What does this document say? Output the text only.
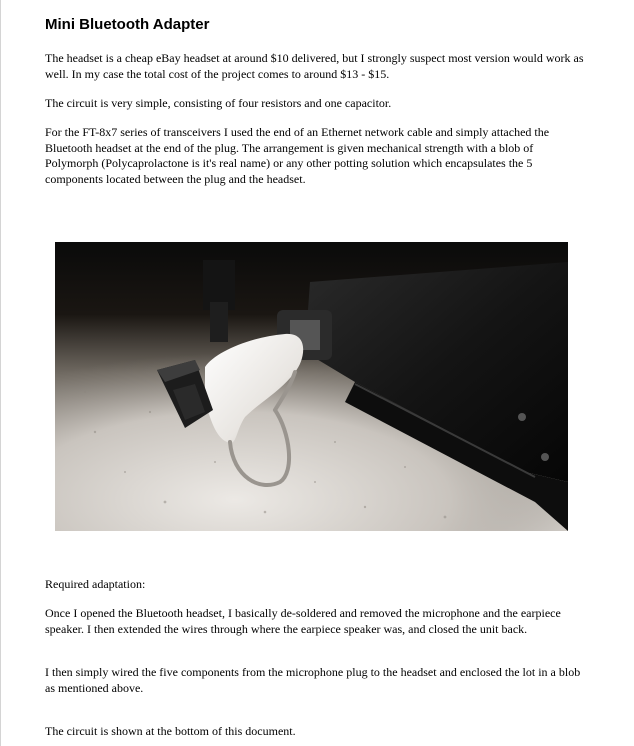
Mini Bluetooth Adapter

The headset is a cheap eBay headset at around $10 delivered, but I strongly suspect most version would work as well. In my case the total cost of the project comes to around $13 - $15.

The circuit is very simple, consisting of four resistors and one capacitor.

For the FT-8x7 series of transceivers I used the end of an Ethernet network cable and simply attached the Bluetooth headset at the end of the plug. The arrangement is given mechanical strength with a blob of Polymorph (Polycaprolactone is it's real name) or any other potting solution which encapsulates the 5 components located between the plug and the headset.

Required adaptation:

Once I opened the Bluetooth headset, I basically de-soldered and removed the microphone and the earpiece speaker. I then extended the wires through where the earpiece speaker was, and closed the unit back.

I then simply wired the five components from the microphone plug to the headset and enclosed the lot in a blob as mentioned above.

The circuit is shown at the bottom of this document.
